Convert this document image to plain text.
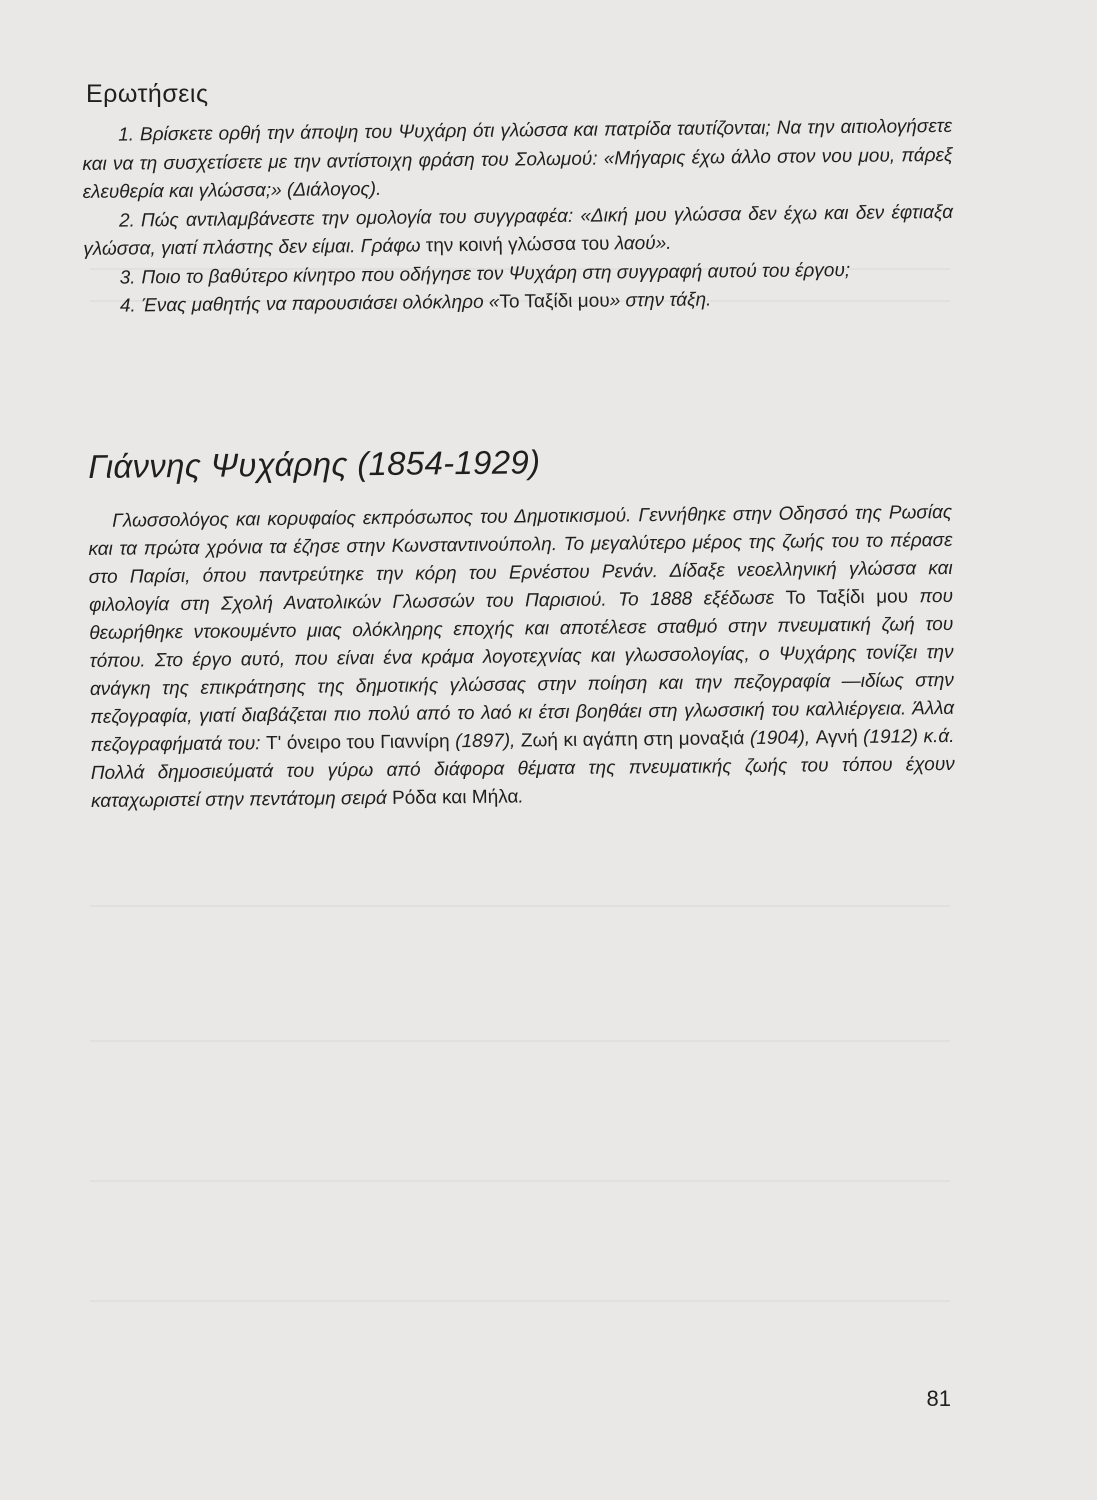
Ερωτήσεις
1. Βρίσκετε ορθή την άποψη του Ψυχάρη ότι γλώσσα και πατρίδα ταυτίζονται; Να την αιτιολογήσετε και να τη συσχετίσετε με την αντίστοιχη φράση του Σολωμού: «Μήγαρις έχω άλλο στον νου μου, πάρεξ ελευθερία και γλώσσα;» (Διάλογος).
2. Πώς αντιλαμβάνεστε την ομολογία του συγγραφέα: «Δική μου γλώσσα δεν έχω και δεν έφτιαξα γλώσσα, γιατί πλάστης δεν είμαι. Γράφω την κοινή γλώσσα του λαού».
3. Ποιο το βαθύτερο κίνητρο που οδήγησε τον Ψυχάρη στη συγγραφή αυτού του έργου;
4. Ένας μαθητής να παρουσιάσει ολόκληρο «Το Ταξίδι μου» στην τάξη.
Γιάννης Ψυχάρης (1854-1929)

Γλωσσολόγος και κορυφαίος εκπρόσωπος του Δημοτικισμού. Γεννήθηκε στην Οδησσό της Ρωσίας και τα πρώτα χρόνια τα έζησε στην Κωνσταντινούπολη. Το μεγαλύτερο μέρος της ζωής του το πέρασε στο Παρίσι, όπου παντρεύτηκε την κόρη του Ερνέστου Ρενάν. Δίδαξε νεοελληνική γλώσσα και φιλολογία στη Σχολή Ανατολικών Γλωσσών του Παρισιού. Το 1888 εξέδωσε Το Ταξίδι μου που θεωρήθηκε ντοκουμέντο μιας ολόκληρης εποχής και αποτέλεσε σταθμό στην πνευματική ζωή του τόπου. Στο έργο αυτό, που είναι ένα κράμα λογοτεχνίας και γλωσσολογίας, ο Ψυχάρης τονίζει την ανάγκη της επικράτησης της δημοτικής γλώσσας στην ποίηση και την πεζογραφία —ιδίως στην πεζογραφία, γιατί διαβάζεται πιο πολύ από το λαό κι έτσι βοηθάει στη γλωσσική του καλλιέργεια. Άλλα πεζογραφήματά του: Τ' όνειρο του Γιαννίρη (1897), Ζωή κι αγάπη στη μοναξιά (1904), Αγνή (1912) κ.ά. Πολλά δημοσιεύματά του γύρω από διάφορα θέματα της πνευματικής ζωής του τόπου έχουν καταχωριστεί στην πεντάτομη σειρά Ρόδα και Μήλα.

81
